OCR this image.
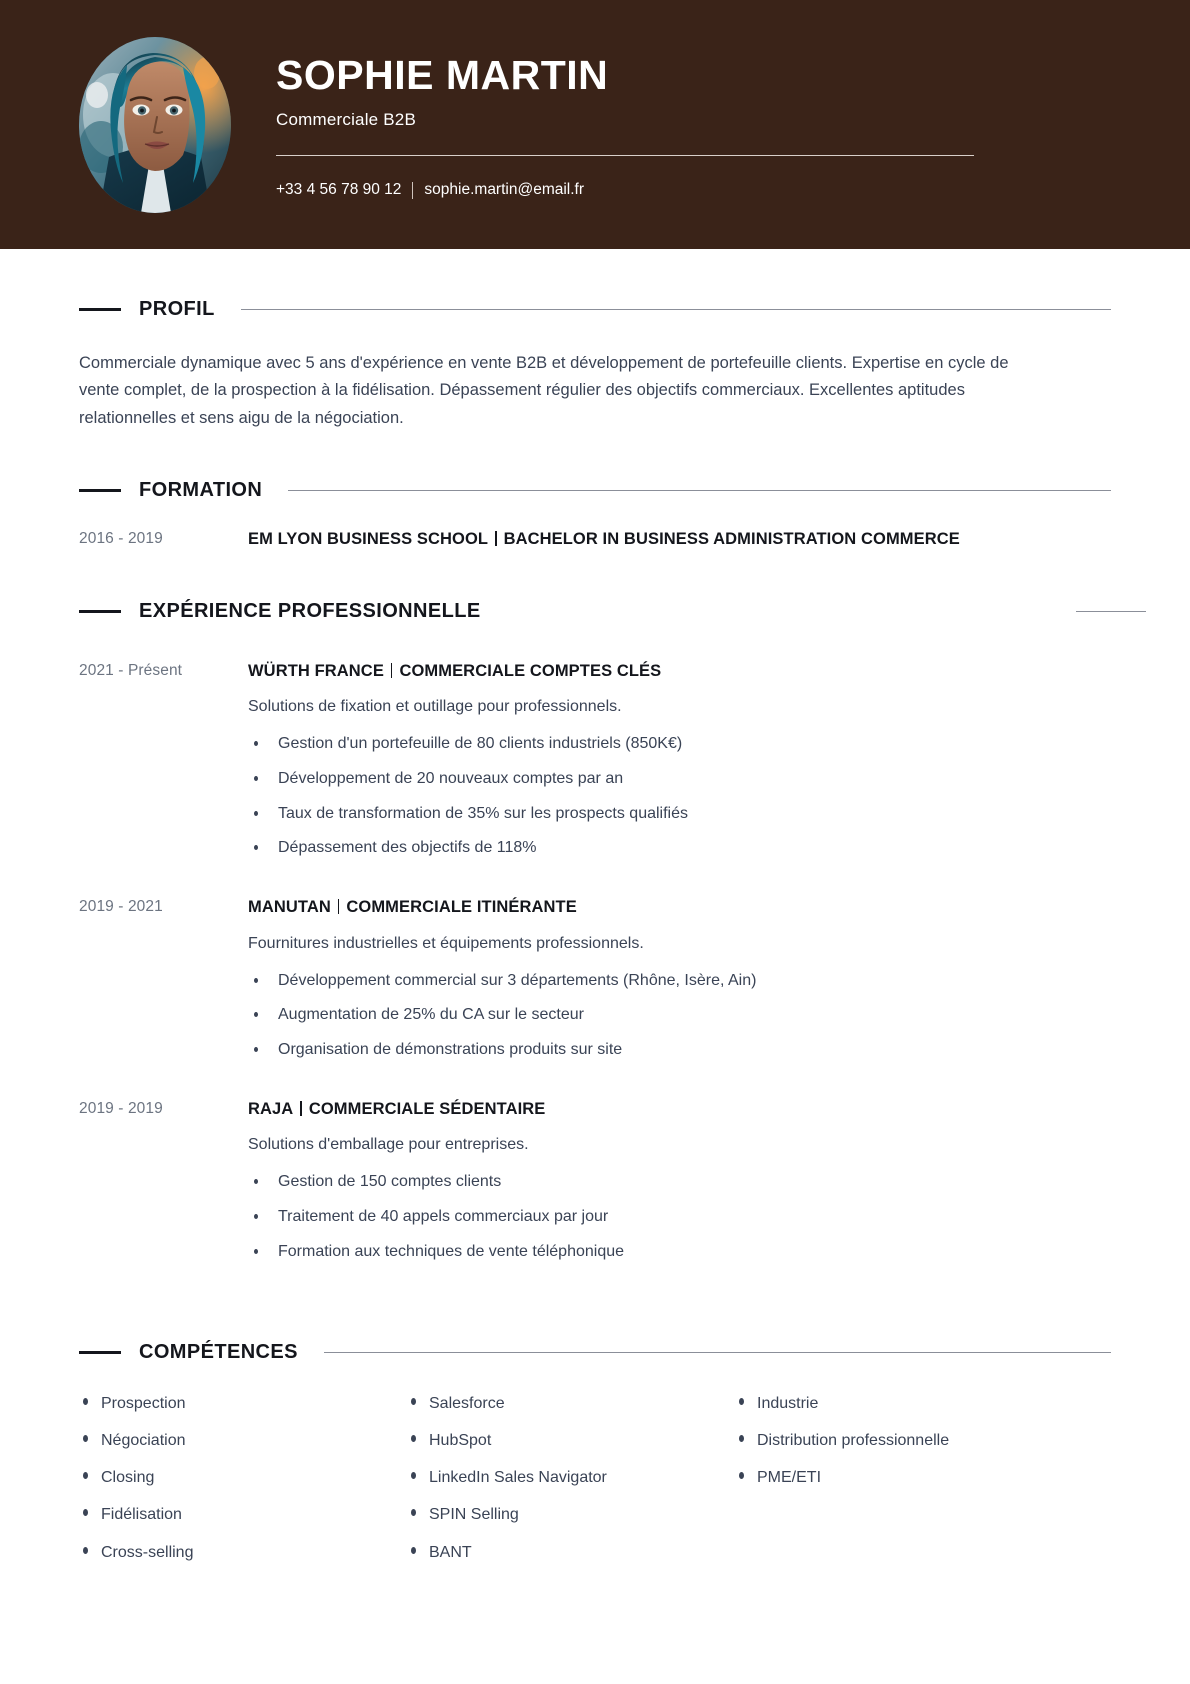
SOPHIE MARTIN
Commerciale B2B
+33 4 56 78 90 12 sophie.martin@email.fr
PROFIL

Commerciale dynamique avec 5 ans d'expérience en vente B2B et développement de portefeuille clients. Expertise en cycle de vente complet, de la prospection à la fidélisation. Dépassement régulier des objectifs commerciaux. Excellentes aptitudes relationnelles et sens aigu de la négociation.

FORMATION
2016 - 2019	EM LYON BUSINESS SCHOOL BACHELOR IN BUSINESS ADMINISTRATION COMMERCE
EXPÉRIENCE PROFESSIONNELLE
2021 - Présent	WÜRTH FRANCE COMMERCIALE COMPTES CLÉS
Solutions de fixation et outillage pour professionnels.
Gestion d'un portefeuille de 80 clients industriels (850K€)
Développement de 20 nouveaux comptes par an
Taux de transformation de 35% sur les prospects qualifiés
Dépassement des objectifs de 118%
2019 - 2021	MANUTAN COMMERCIALE ITINÉRANTE
Fournitures industrielles et équipements professionnels.
Développement commercial sur 3 départements (Rhône, Isère, Ain)
Augmentation de 25% du CA sur le secteur
Organisation de démonstrations produits sur site
2019 - 2019	RAJA COMMERCIALE SÉDENTAIRE
Solutions d'emballage pour entreprises.
Gestion de 150 comptes clients
Traitement de 40 appels commerciaux par jour
Formation aux techniques de vente téléphonique
COMPÉTENCES
Prospection
Négociation
Closing
Fidélisation
Cross-selling
Salesforce
HubSpot
LinkedIn Sales Navigator
SPIN Selling
BANT
Industrie
Distribution professionnelle
PME/ETI
